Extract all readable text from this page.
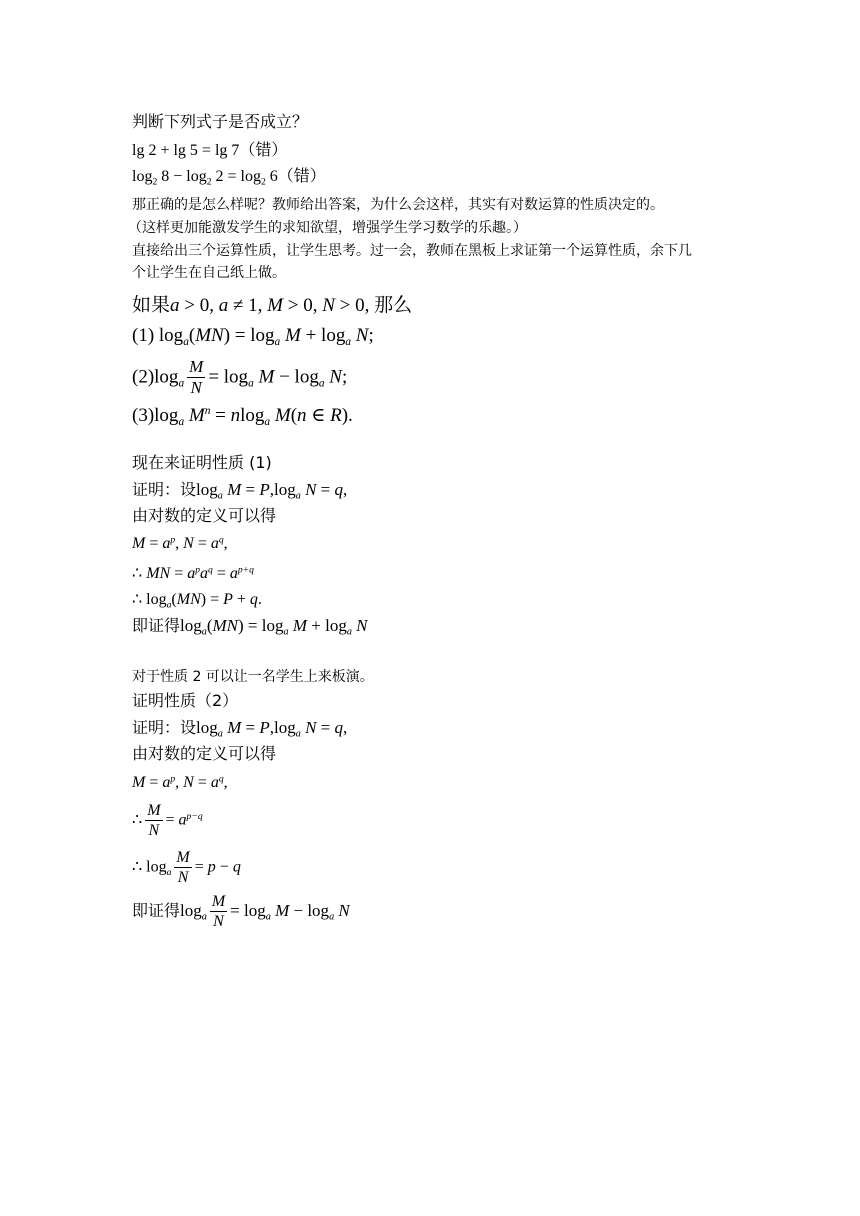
判断下列式子是否成立？
lg 2 + lg 5 = lg 7（错）
$\log_2 8 - \log_2 2 = \log_2 6$（错）
那正确的是怎么样呢？教师给出答案，为什么会这样，其实有对数运算的性质决定的。
（这样更加能激发学生的求知欲望，增强学生学习数学的乐趣。）
直接给出三个运算性质，让学生思考。过一会，教师在黑板上求证第一个运算性质，余下几
个让学生在自己纸上做。
如果a > 0, a ≠ 1, M > 0, N > 0, 那么
(1) $\log_a(MN) = \log_a M + \log_a N$;
$(2)\log_a \frac{M}{N} = \log_a M - \log_a N$;
$(3)\log_a$ $M^n = nlog_a$ M(n ∈ R).
现在来证明性质 (1)
证明：设$\log_a M = P,\log_a$ N = q,
由对数的定义可以得
$M = a^p$, $N = a^q$,
∴ MN = $a^pa^q = a^{p+q}$
∴ $\log_a(MN) = P + q$.
即证得$\log_a(MN) = \log_a M + \log_a N$
对于性质 2 可以让一名学生上来板演。
证明性质（2）
证明：设$\log_a M = P,\log_a$ N = q,
由对数的定义可以得
$M = a^p$, $N = a^q$,
∴ $\frac{M}{N} = a^{p-q}$
∴ $\log_a \frac{M}{N} = p - q$
即证得$\log_a \frac{M}{N} = \log_a M - \log_a N$
